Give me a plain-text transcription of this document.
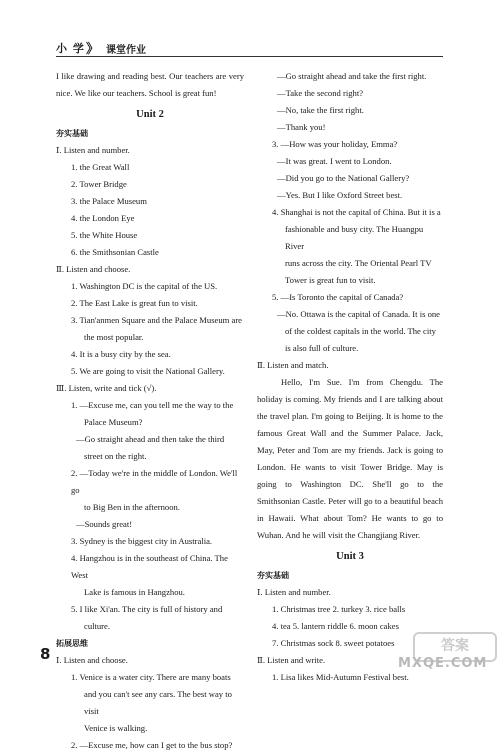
小 学 》 课堂作业
I like drawing and reading best. Our teachers are very nice. We like our teachers. School is great fun!
Unit 2
夯实基础
Ⅰ. Listen and number.
1. the Great Wall
2. Tower Bridge
3. the Palace Museum
4. the London Eye
5. the White House
6. the Smithsonian Castle
Ⅱ. Listen and choose.
1. Washington DC is the capital of the US.
2. The East Lake is great fun to visit.
3. Tian'anmen Square and the Palace Museum are
the most popular.
4. It is a busy city by the sea.
5. We are going to visit the National Gallery.
Ⅲ. Listen, write and tick (√).
1. —Excuse me, can you tell me the way to the
Palace Museum?
—Go straight ahead and then take the third
street on the right.
2. —Today we're in the middle of London. We'll go
to Big Ben in the afternoon.
—Sounds great!
3. Sydney is the biggest city in Australia.
4. Hangzhou is in the southeast of China. The West
Lake is famous in Hangzhou.
5. I like Xi'an. The city is full of history and
culture.
拓展思维
Ⅰ. Listen and choose.
1. Venice is a water city. There are many boats
and you can't see any cars. The best way to visit
Venice is walking.
2. —Excuse me, how can I get to the bus stop?
—Go straight ahead and take the first right.
—Take the second right?
—No, take the first right.
—Thank you!
3. —How was your holiday, Emma?
—It was great. I went to London.
—Did you go to the National Gallery?
—Yes. But I like Oxford Street best.
4. Shanghai is not the capital of China. But it is a
fashionable and busy city. The Huangpu River
runs across the city. The Oriental Pearl TV
Tower is great fun to visit.
5. —Is Toronto the capital of Canada?
—No. Ottawa is the capital of Canada. It is one
of the coldest capitals in the world. The city
is also full of culture.
Ⅱ. Listen and match.
Hello, I'm Sue. I'm from Chengdu. The holiday is coming. My friends and I are talking about the travel plan. I'm going to Beijing. It is home to the famous Great Wall and the Summer Palace. Jack, May, Peter and Tom are my friends. Jack is going to London. He wants to visit Tower Bridge. May is going to Washington DC. She'll go to the Smithsonian Castle. Peter will go to a beautiful beach in Hawaii. What about Tom? He wants to go to Wuhan. And he will visit the Changjiang River.
Unit 3
夯实基础
Ⅰ. Listen and number.
1. Christmas tree 2. turkey 3. rice balls
4. tea 5. lantern riddle 6. moon cakes
7. Christmas sock 8. sweet potatoes
Ⅱ. Listen and write.
1. Lisa likes Mid-Autumn Festival best.
8	答案
MXQE.COM
